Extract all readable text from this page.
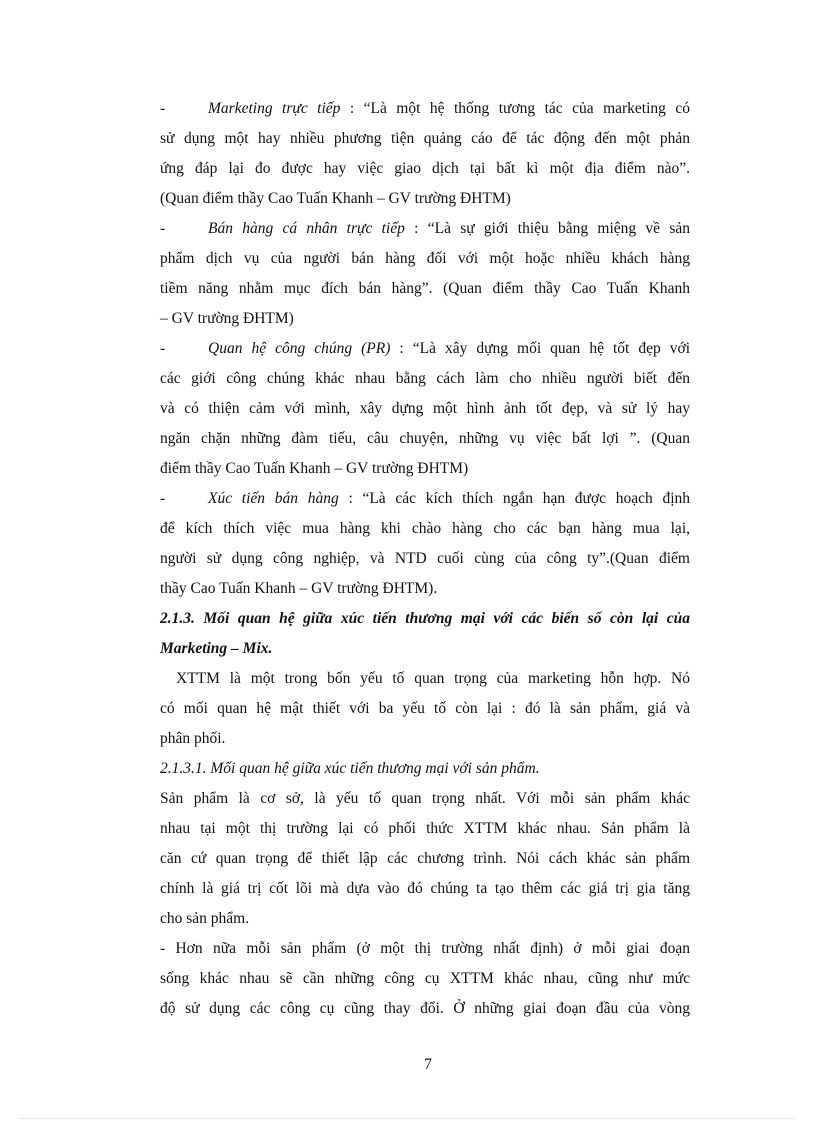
-	Marketing trực tiếp : “Là một hệ thống tương tác của marketing có
sử dụng một hay nhiều phương tiện quảng cáo để tác động đến một phản
ứng đáp lại đo được hay việc giao dịch tại bất kì một địa điểm nào”.
(Quan điểm thầy Cao Tuấn Khanh – GV trường ĐHTM)
-	Bán hàng cá nhân trực tiếp : “Là sự giới thiệu bằng miệng về sản
phẩm dịch vụ của người bán hàng đối với một hoặc nhiều khách hàng
tiềm năng nhằm mục đích bán hàng”. (Quan điểm thầy Cao Tuấn Khanh
– GV trường ĐHTM)
-	Quan hệ công chúng (PR) : “Là xây dựng mối quan hệ tốt đẹp với
các giới công chúng khác nhau bằng cách làm cho nhiều người biết đến
và có thiện cảm với mình, xây dựng một hình ảnh tốt đẹp, và sử lý hay
ngăn chặn những đàm tiếu, câu chuyện, những vụ việc bất lợi ”. (Quan
điểm thầy Cao Tuấn Khanh – GV trường ĐHTM)
-	Xúc tiến bán hàng : “Là các kích thích ngắn hạn được hoạch định
để kích thích việc mua hàng khi chào hàng cho các bạn hàng mua lại,
người sử dụng công nghiệp, và NTD cuối cùng của công ty”.(Quan điểm
thầy Cao Tuấn Khanh – GV trường ĐHTM).
2.1.3. Mối quan hệ giữa xúc tiến thương mại với các biến số còn lại của
Marketing – Mix.
XTTM là một trong bốn yếu tố quan trọng của marketing hỗn hợp. Nó
có mối quan hệ mật thiết với ba yếu tố còn lại : đó là sản phẩm, giá và
phân phối.
2.1.3.1. Mối quan hệ giữa xúc tiến thương mại với sản phẩm.
Sản phẩm là cơ sở, là yếu tố quan trọng nhất. Với mỗi sản phẩm khác
nhau tại một thị trường lại có phối thức XTTM khác nhau. Sản phẩm là
căn cứ quan trọng để thiết lập các chương trình. Nói cách khác sản phẩm
chính là giá trị cốt lõi mà dựa vào đó chúng ta tạo thêm các giá trị gia tăng
cho sản phẩm.
- Hơn nữa mỗi sản phẩm (ở một thị trường nhất định) ở mỗi giai đoạn
sống khác nhau sẽ cần những công cụ XTTM khác nhau, cũng như mức
độ sử dụng các công cụ cũng thay đổi. Ở những giai đoạn đầu của vòng
7
